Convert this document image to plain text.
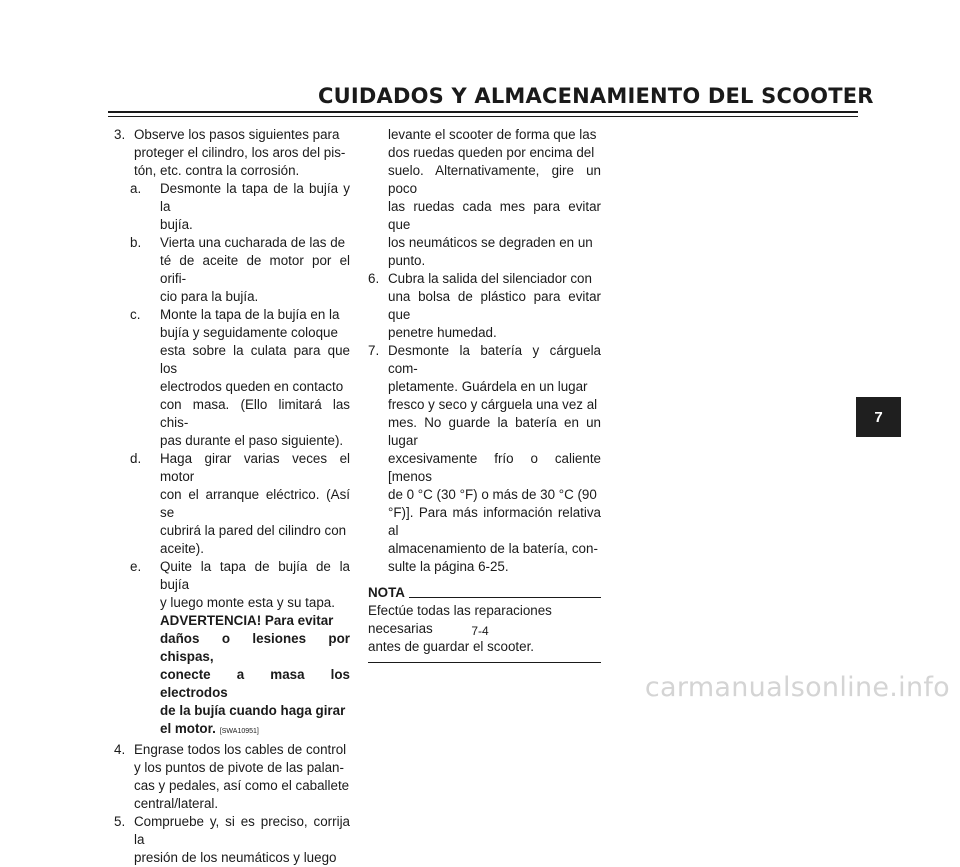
CUIDADOS Y ALMACENAMIENTO DEL SCOOTER
3. Observe los pasos siguientes para
proteger el cilindro, los aros del pis-
tón, etc. contra la corrosión.
a. Desmonte la tapa de la bujía y la
bujía.
b. Vierta una cucharada de las de
té de aceite de motor por el orifi-
cio para la bujía.
c. Monte la tapa de la bujía en la
bujía y seguidamente coloque
esta sobre la culata para que los
electrodos queden en contacto
con masa. (Ello limitará las chis-
pas durante el paso siguiente).
d. Haga girar varias veces el motor
con el arranque eléctrico. (Así se
cubrirá la pared del cilindro con
aceite).
e. Quite la tapa de bujía de la bujía
y luego monte esta y su tapa.
ADVERTENCIA! Para evitar
daños o lesiones por chispas,
conecte a masa los electrodos
de la bujía cuando haga girar
el motor. [SWA10951]
4. Engrase todos los cables de control
y los puntos de pivote de las palan-
cas y pedales, así como el caballete
central/lateral.
5. Compruebe y, si es preciso, corrija la
presión de los neumáticos y luego
levante el scooter de forma que las
dos ruedas queden por encima del
suelo. Alternativamente, gire un poco
las ruedas cada mes para evitar que
los neumáticos se degraden en un
punto.
6. Cubra la salida del silenciador con
una bolsa de plástico para evitar que
penetre humedad.
7. Desmonte la batería y cárguela com-
pletamente. Guárdela en un lugar
fresco y seco y cárguela una vez al
mes. No guarde la batería en un lugar
excesivamente frío o caliente [menos
de 0 °C (30 °F) o más de 30 °C (90
°F)]. Para más información relativa al
almacenamiento de la batería, con-
sulte la página 6-25.
NOTA
Efectúe todas las reparaciones necesarias
antes de guardar el scooter.
7
7-4
carmanualsonline.info
